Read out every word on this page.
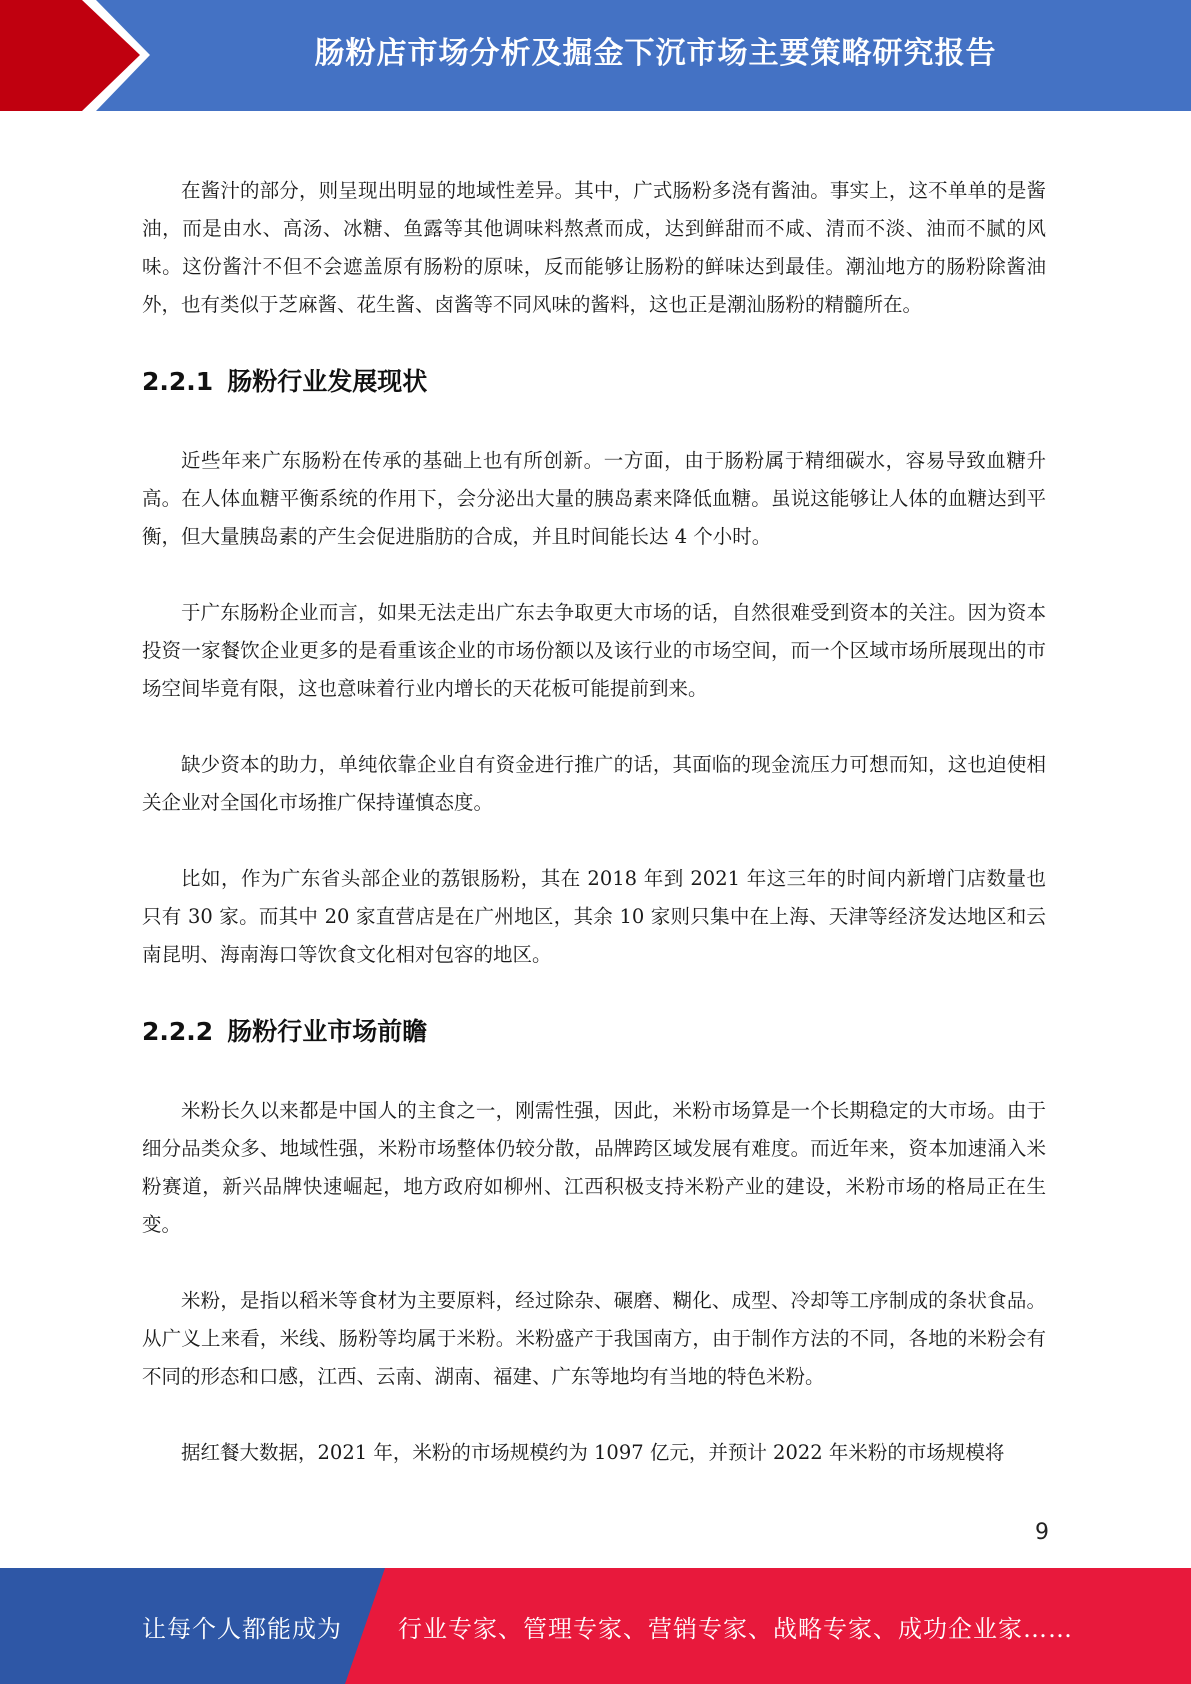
肠粉店市场分析及掘金下沉市场主要策略研究报告

在酱汁的部分，则呈现出明显的地域性差异。其中，广式肠粉多浇有酱油。事实上，这不单单的是酱油，而是由水、高汤、冰糖、鱼露等其他调味料熬煮而成，达到鲜甜而不咸、清而不淡、油而不腻的风味。这份酱汁不但不会遮盖原有肠粉的原味，反而能够让肠粉的鲜味达到最佳。潮汕地方的肠粉除酱油外，也有类似于芝麻酱、花生酱、卤酱等不同风味的酱料，这也正是潮汕肠粉的精髓所在。

2.2.1 肠粉行业发展现状

近些年来广东肠粉在传承的基础上也有所创新。一方面，由于肠粉属于精细碳水，容易导致血糖升高。在人体血糖平衡系统的作用下，会分泌出大量的胰岛素来降低血糖。虽说这能够让人体的血糖达到平衡，但大量胰岛素的产生会促进脂肪的合成，并且时间能长达 4 个小时。

于广东肠粉企业而言，如果无法走出广东去争取更大市场的话，自然很难受到资本的关注。因为资本投资一家餐饮企业更多的是看重该企业的市场份额以及该行业的市场空间，而一个区域市场所展现出的市场空间毕竟有限，这也意味着行业内增长的天花板可能提前到来。

缺少资本的助力，单纯依靠企业自有资金进行推广的话，其面临的现金流压力可想而知，这也迫使相关企业对全国化市场推广保持谨慎态度。

比如，作为广东省头部企业的荔银肠粉，其在 2018 年到 2021 年这三年的时间内新增门店数量也只有 30 家。而其中 20 家直营店是在广州地区，其余 10 家则只集中在上海、天津等经济发达地区和云南昆明、海南海口等饮食文化相对包容的地区。

2.2.2 肠粉行业市场前瞻

米粉长久以来都是中国人的主食之一，刚需性强，因此，米粉市场算是一个长期稳定的大市场。由于细分品类众多、地域性强，米粉市场整体仍较分散，品牌跨区域发展有难度。而近年来，资本加速涌入米粉赛道，新兴品牌快速崛起，地方政府如柳州、江西积极支持米粉产业的建设，米粉市场的格局正在生变。

米粉，是指以稻米等食材为主要原料，经过除杂、碾磨、糊化、成型、冷却等工序制成的条状食品。从广义上来看，米线、肠粉等均属于米粉。米粉盛产于我国南方，由于制作方法的不同，各地的米粉会有不同的形态和口感，江西、云南、湖南、福建、广东等地均有当地的特色米粉。

据红餐大数据，2021 年，米粉的市场规模约为 1097 亿元，并预计 2022 年米粉的市场规模将

9
让每个人都能成为 行业专家、管理专家、营销专家、战略专家、成功企业家……
